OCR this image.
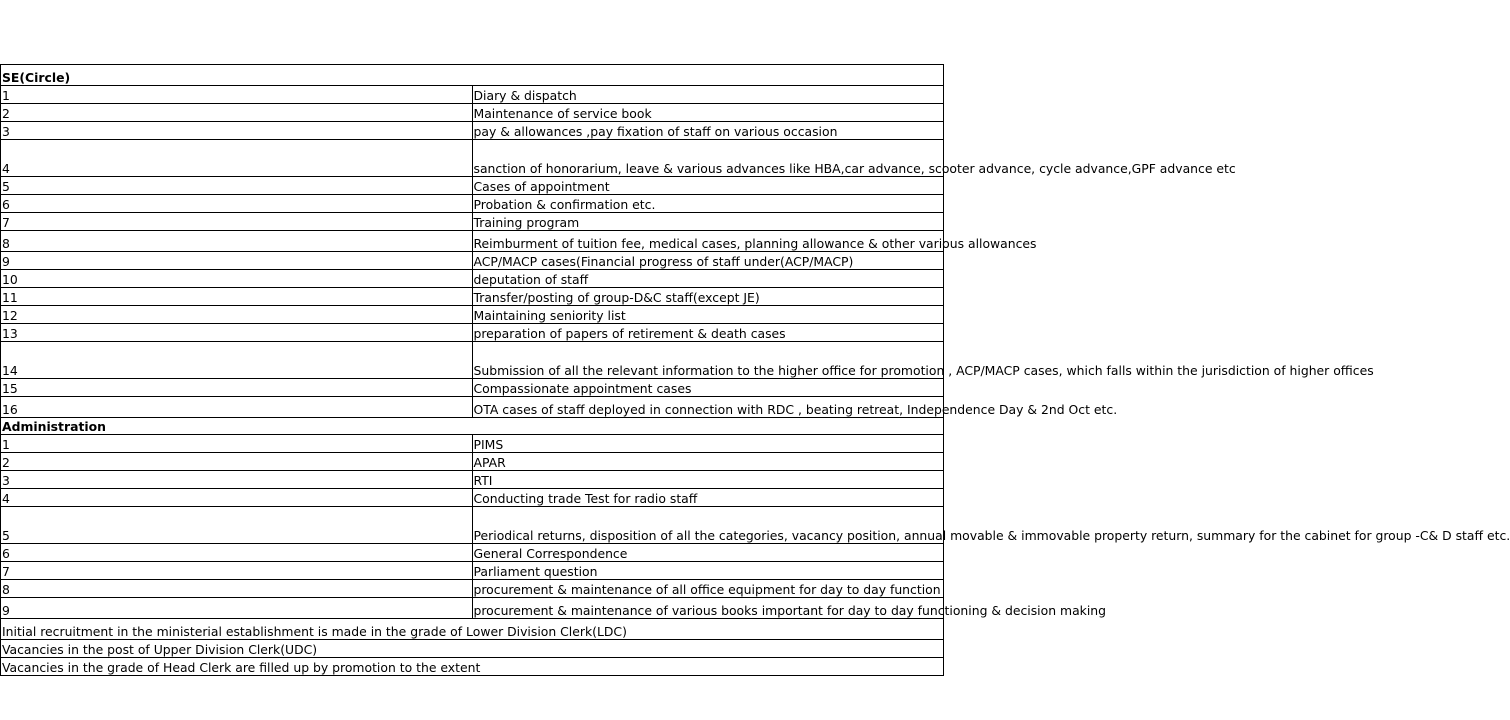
SE(Circle)	
1	Diary & dispatch
2	Maintenance of service book
3	pay & allowances ,pay fixation of staff on various occasion
4	sanction of honorarium, leave & various advances like HBA,car advance, scooter advance, cycle advance,GPF advance etc
5	Cases of appointment
6	Probation & confirmation etc.
7	Training program
8	Reimburment of tuition fee, medical cases, planning allowance & other various allowances
9	ACP/MACP cases(Financial progress of staff under(ACP/MACP)
10	deputation of staff
11	Transfer/posting of group-D&C staff(except JE)
12	Maintaining seniority list
13	preparation of papers of retirement & death cases
14	Submission of all the relevant information to the higher office for promotion , ACP/MACP cases, which falls within the jurisdiction of higher offices
15	Compassionate appointment cases
16	OTA cases of staff deployed in connection with RDC , beating retreat, Independence Day & 2nd Oct etc.
Administration	
1	PIMS
2	APAR
3	RTI
4	Conducting trade Test for radio staff
5	Periodical returns, disposition of all the categories, vacancy position, annual movable & immovable property return, summary for the cabinet for group -C& D staff etc.
6	General Correspondence
7	Parliament question
8	procurement & maintenance of all office equipment for day to day function
9	procurement & maintenance of various books important for day to day functioning & decision making
Initial recruitment in the ministerial establishment is made in the grade of Lower Division Clerk(LDC)	
Vacancies in the post of Upper Division Clerk(UDC)	
Vacancies in the grade of Head Clerk are filled up by promotion to the extent	
